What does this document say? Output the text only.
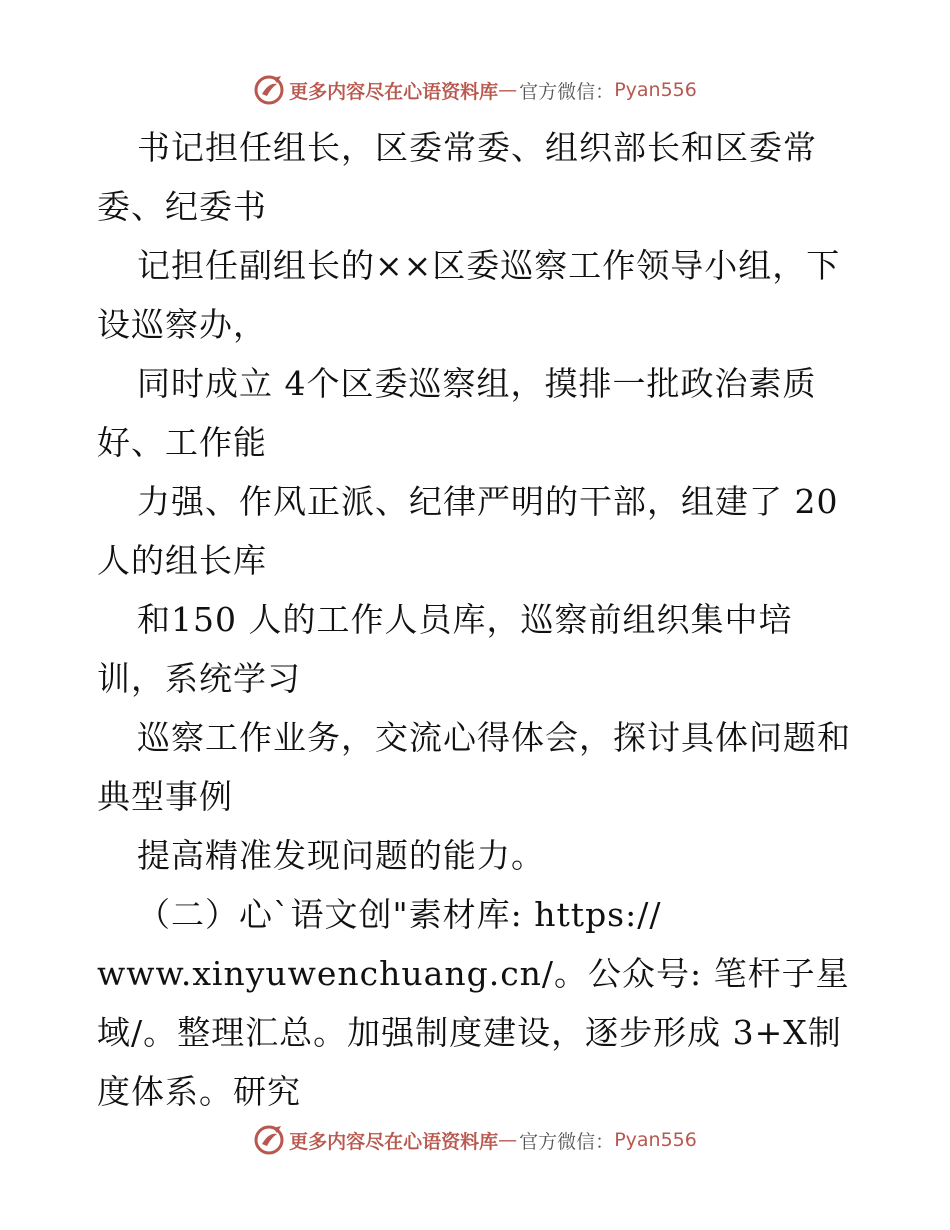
更多内容尽在心语资料库 — 官方微信： Pyan556
书记担任组长，区委常委、组织部长和区委常
委、纪委书
记担任副组长的××区委巡察工作领导小组，下
设巡察办，
同时成立 4个区委巡察组，摸排一批政治素质
好、工作能
力强、作风正派、纪律严明的干部，组建了 20
人的组长库
和150 人的工作人员库，巡察前组织集中培
训，系统学习
巡察工作业务，交流心得体会，探讨具体问题和
典型事例
提高精准发现问题的能力。
（二）心`语文创"素材库: https://
www.xinyuwenchuang.cn/。公众号: 笔杆子星
域/。整理汇总。加强制度建设，逐步形成 3+X制
度体系。研究
更多内容尽在心语资料库 — 官方微信： Pyan556
